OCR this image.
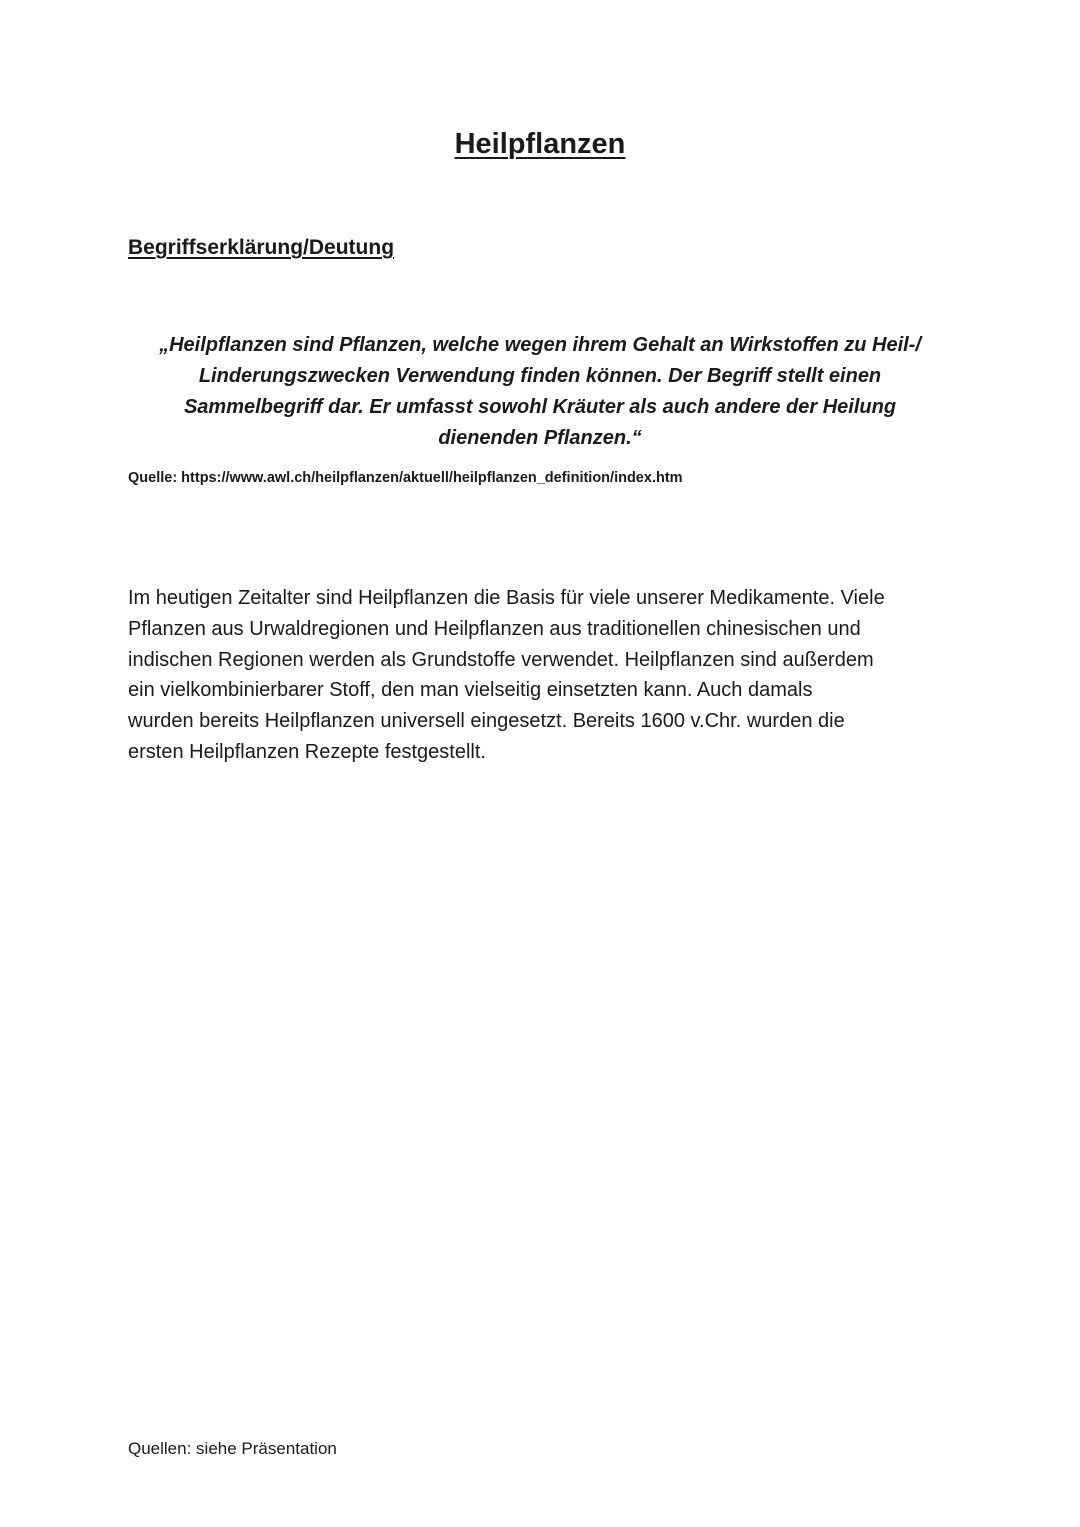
Heilpflanzen
Begriffserklärung/Deutung

„Heilpflanzen sind Pflanzen, welche wegen ihrem Gehalt an Wirkstoffen zu Heil-/
Linderungszwecken Verwendung finden können. Der Begriff stellt einen
Sammelbegriff dar. Er umfasst sowohl Kräuter als auch andere der Heilung
dienenden Pflanzen.“

Quelle: https://www.awl.ch/heilpflanzen/aktuell/heilpflanzen_definition/index.htm

Im heutigen Zeitalter sind Heilpflanzen die Basis für viele unserer Medikamente. Viele
Pflanzen aus Urwaldregionen und Heilpflanzen aus traditionellen chinesischen und
indischen Regionen werden als Grundstoffe verwendet. Heilpflanzen sind außerdem
ein vielkombinierbarer Stoff, den man vielseitig einsetzten kann. Auch damals
wurden bereits Heilpflanzen universell eingesetzt. Bereits 1600 v.Chr. wurden die
ersten Heilpflanzen Rezepte festgestellt.

Quellen: siehe Präsentation
